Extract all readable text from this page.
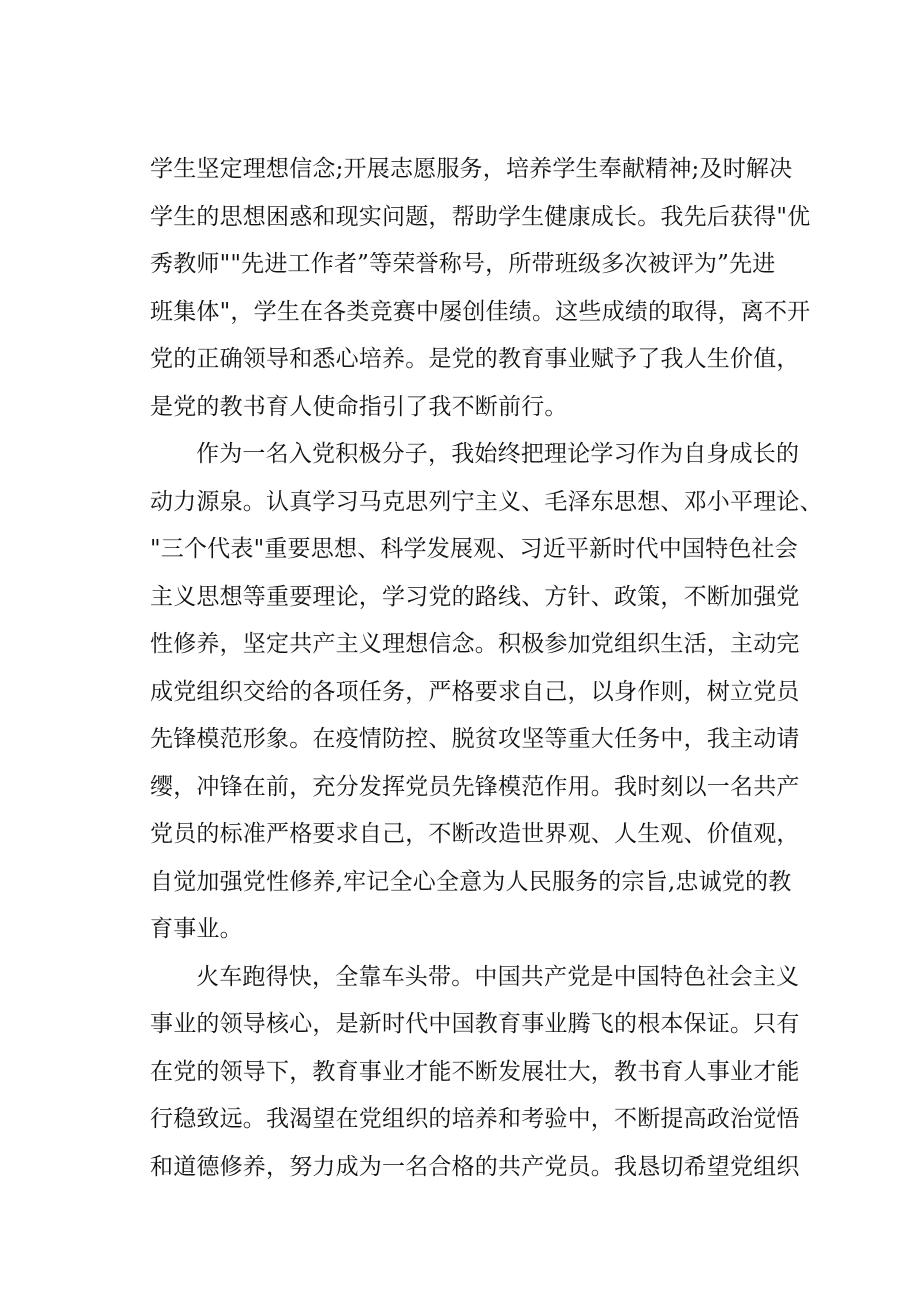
学生坚定理想信念;开展志愿服务，培养学生奉献精神;及时解决
学生的思想困惑和现实问题，帮助学生健康成长。我先后获得"优
秀教师""先进工作者”等荣誉称号，所带班级多次被评为”先进
班集体"，学生在各类竞赛中屡创佳绩。这些成绩的取得，离不开
党的正确领导和悉心培养。是党的教育事业赋予了我人生价值，
是党的教书育人使命指引了我不断前行。
作为一名入党积极分子，我始终把理论学习作为自身成长的
动力源泉。认真学习马克思列宁主义、毛泽东思想、邓小平理论、
"三个代表"重要思想、科学发展观、习近平新时代中国特色社会
主义思想等重要理论，学习党的路线、方针、政策，不断加强党
性修养，坚定共产主义理想信念。积极参加党组织生活，主动完
成党组织交给的各项任务，严格要求自己，以身作则，树立党员
先锋模范形象。在疫情防控、脱贫攻坚等重大任务中，我主动请
缨，冲锋在前，充分发挥党员先锋模范作用。我时刻以一名共产
党员的标准严格要求自己，不断改造世界观、人生观、价值观，
自觉加强党性修养,牢记全心全意为人民服务的宗旨,忠诚党的教
育事业。
火车跑得快，全靠车头带。中国共产党是中国特色社会主义
事业的领导核心，是新时代中国教育事业腾飞的根本保证。只有
在党的领导下，教育事业才能不断发展壮大，教书育人事业才能
行稳致远。我渴望在党组织的培养和考验中，不断提高政治觉悟
和道德修养，努力成为一名合格的共产党员。我恳切希望党组织
